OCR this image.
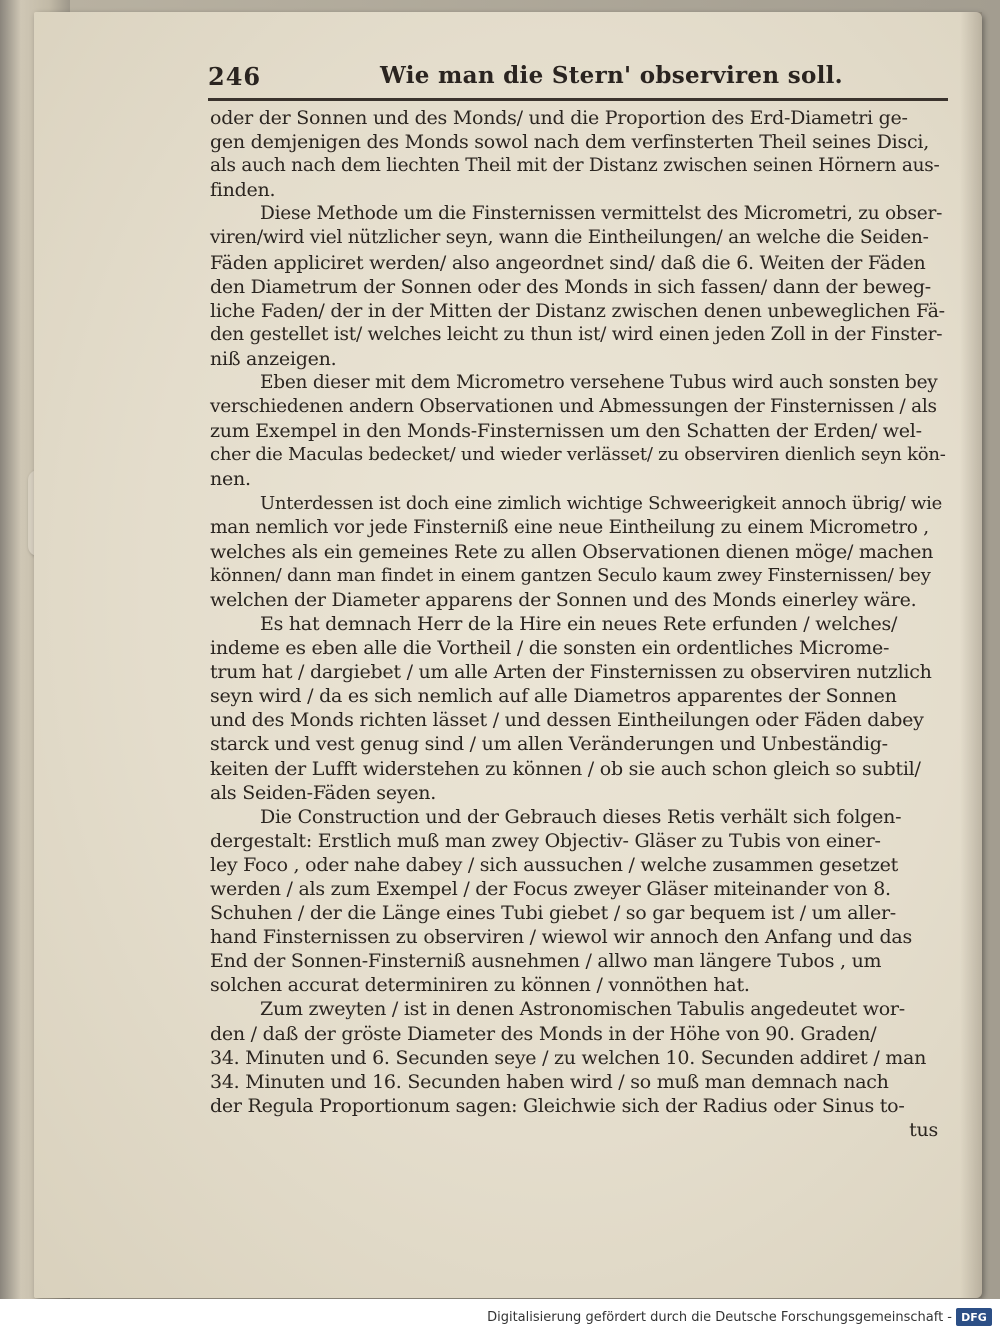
246	Wie man die Stern' observiren soll.
oder der Sonnen und des Monds/ und die Proportion des Erd-Diametri ge-
gen demjenigen des Monds sowol nach dem verfinsterten Theil seines Disci,
als auch nach dem liechten Theil mit der Distanz zwischen seinen Hörnern aus-
finden.
Diese Methode um die Finsternissen vermittelst des Micrometri, zu obser-
viren/wird viel nützlicher seyn, wann die Eintheilungen/ an welche die Seiden-
Fäden appliciret werden/ also angeordnet sind/ daß die 6. Weiten der Fäden
den Diametrum der Sonnen oder des Monds in sich fassen/ dann der beweg-
liche Faden/ der in der Mitten der Distanz zwischen denen unbeweglichen Fä-
den gestellet ist/ welches leicht zu thun ist/ wird einen jeden Zoll in der Finster-
niß anzeigen.
Eben dieser mit dem Micrometro versehene Tubus wird auch sonsten bey
verschiedenen andern Observationen und Abmessungen der Finsternissen / als
zum Exempel in den Monds-Finsternissen um den Schatten der Erden/ wel-
cher die Maculas bedecket/ und wieder verlässet/ zu observiren dienlich seyn kön-
nen.
Unterdessen ist doch eine zimlich wichtige Schweerigkeit annoch übrig/ wie
man nemlich vor jede Finsterniß eine neue Eintheilung zu einem Micrometro ,
welches als ein gemeines Rete zu allen Observationen dienen möge/ machen
können/ dann man findet in einem gantzen Seculo kaum zwey Finsternissen/ bey
welchen der Diameter apparens der Sonnen und des Monds einerley wäre.
Es hat demnach Herr de la Hire ein neues Rete erfunden / welches/
indeme es eben alle die Vortheil / die sonsten ein ordentliches Microme-
trum hat / dargiebet / um alle Arten der Finsternissen zu observiren nutzlich
seyn wird / da es sich nemlich auf alle Diametros apparentes der Sonnen
und des Monds richten lässet / und dessen Eintheilungen oder Fäden dabey
starck und vest genug sind / um allen Veränderungen und Unbeständig-
keiten der Lufft widerstehen zu können / ob sie auch schon gleich so subtil/
als Seiden-Fäden seyen.
Die Construction und der Gebrauch dieses Retis verhält sich folgen-
dergestalt: Erstlich muß man zwey Objectiv- Gläser zu Tubis von einer-
ley Foco , oder nahe dabey / sich aussuchen / welche zusammen gesetzet
werden / als zum Exempel / der Focus zweyer Gläser miteinander von 8.
Schuhen / der die Länge eines Tubi giebet / so gar bequem ist / um aller-
hand Finsternissen zu observiren / wiewol wir annoch den Anfang und das
End der Sonnen-Finsterniß ausnehmen / allwo man längere Tubos , um
solchen accurat determiniren zu können / vonnöthen hat.
Zum zweyten / ist in denen Astronomischen Tabulis angedeutet wor-
den / daß der gröste Diameter des Monds in der Höhe von 90. Graden/
34. Minuten und 6. Secunden seye / zu welchen 10. Secunden addiret / man
34. Minuten und 16. Secunden haben wird / so muß man demnach nach
der Regula Proportionum sagen: Gleichwie sich der Radius oder Sinus to-
tus
Digitalisierung gefördert durch die Deutsche Forschungsgemeinschaft - DFG
